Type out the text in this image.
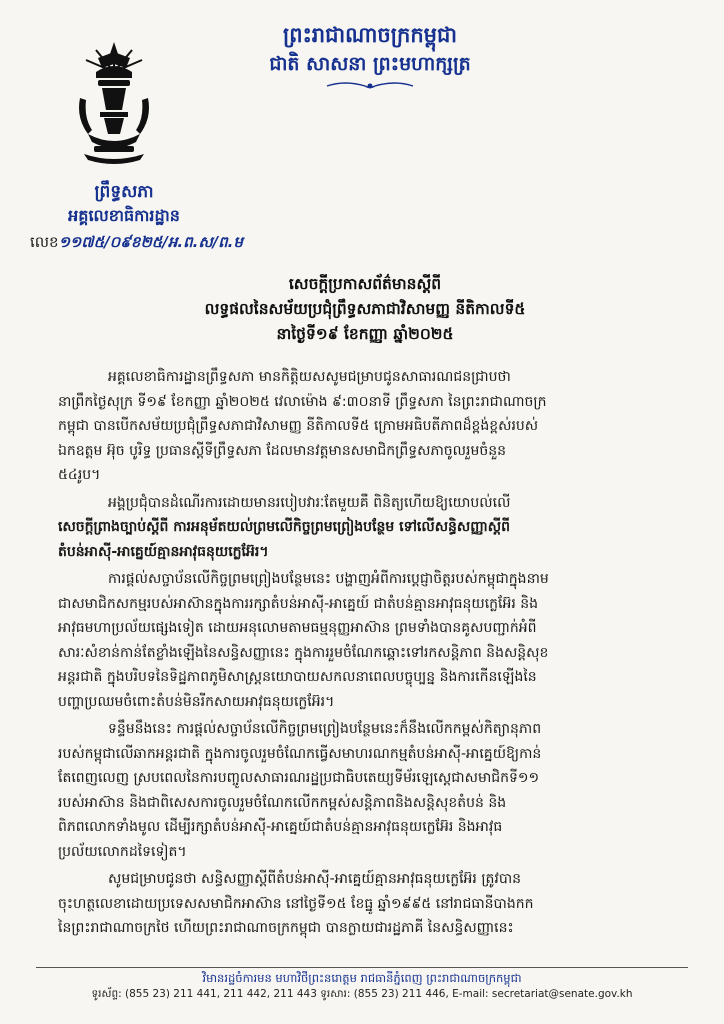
ព្រះរាជាណាចក្រកម្ពុជា
ជាតិ សាសនា ព្រះមហាក្សត្រ
ព្រឹទ្ធសភា
អគ្គលេខាធិការដ្ឋាន
លេខ១១៧៥/០៩ខ២៥/អ.ព.ស/ព.ម
សេចក្តីប្រកាសព័ត៌មានស្តីពី
លទ្ធផលនៃសម័យប្រជុំព្រឹទ្ធសភាជាវិសាមញ្ញ នីតិកាលទី៥
នាថ្ងៃទី១៩ ខែកញ្ញា ឆ្នាំ២០២៥

អគ្គលេខាធិការដ្ឋានព្រឹទ្ធសភា មានកិត្តិយសសូមជម្រាបជូនសាធារណជនជ្រាបថា
នាព្រឹកថ្ងៃសុក្រ ទី១៩ ខែកញ្ញា ឆ្នាំ២០២៥ វេលាម៉ោង ៩:៣០នាទី ព្រឹទ្ធសភា នៃព្រះរាជាណាចក្រ
កម្ពុជា បានបើកសម័យប្រជុំព្រឹទ្ធសភាជាវិសាមញ្ញ នីតិកាលទី៥ ក្រោមអធិបតីភាពដ៏ខ្ពង់ខ្ពស់របស់
ឯកឧត្តម អ៊ុច បូរិទ្ធ ប្រធានស្តីទីព្រឹទ្ធសភា ដែលមានវត្តមានសមាជិកព្រឹទ្ធសភាចូលរួមចំនួន
៥៤រូប។

អង្គប្រជុំបានដំណើរការដោយមានរបៀបវារៈតែមួយគឺ ពិនិត្យហើយឱ្យយោបល់លើ
សេចក្តីព្រាងច្បាប់ស្តីពី ការអនុម័តយល់ព្រមលើកិច្ចព្រមព្រៀងបន្ថែម ទៅលើសន្ធិសញ្ញាស្តីពី
តំបន់អាស៊ី-អាគ្នេយ៍គ្មានអាវុធនុយក្លេអ៊ែរ។

ការផ្តល់សច្ចាប័នលើកិច្ចព្រមព្រៀងបន្ថែមនេះ បង្ហាញអំពីការប្តេជ្ញាចិត្តរបស់កម្ពុជាក្នុងនាម
ជាសមាជិកសកម្មរបស់អាស៊ានក្នុងការរក្សាតំបន់អាស៊ី-អាគ្នេយ៍ ជាតំបន់គ្មានអាវុធនុយក្លេអ៊ែរ និង
អាវុធមហាប្រល័យផ្សេងទៀត ដោយអនុលោមតាមធម្មនុញ្ញអាស៊ាន ព្រមទាំងបានគូសបញ្ជាក់អំពី
សារៈសំខាន់កាន់តែខ្លាំងឡើងនៃសន្ធិសញ្ញានេះ ក្នុងការរួមចំណែកឆ្ពោះទៅរកសន្តិភាព និងសន្តិសុខ
អន្តរជាតិ ក្នុងបរិបទនៃទិដ្ឋភាពភូមិសាស្ត្រនយោបាយសកលនាពេលបច្ចុប្បន្ន និងការកើនឡើងនៃ
បញ្ហាប្រឈមចំពោះតំបន់មិនរីកសាយអាវុធនុយក្លេអ៊ែរ។

ទន្ទឹមនឹងនេះ ការផ្តល់សច្ចាប័នលើកិច្ចព្រមព្រៀងបន្ថែមនេះក៏នឹងលើកកម្ពស់កិត្យានុភាព
របស់កម្ពុជាលើឆាកអន្តរជាតិ ក្នុងការចូលរួមចំណែកធ្វើសមាហរណកម្មតំបន់អាស៊ី-អាគ្នេយ៍ឱ្យកាន់
តែពេញលេញ ស្របពេលនៃការបញ្ចូលសាធារណរដ្ឋប្រជាធិបតេយ្យទីម័រឡេស្តេជាសមាជិកទី១១
របស់អាស៊ាន និងជាពិសេសការចូលរួមចំណែកលើកកម្ពស់សន្តិភាពនិងសន្តិសុខតំបន់ និង
ពិភពលោកទាំងមូល ដើម្បីរក្សាតំបន់អាស៊ី-អាគ្នេយ៍ជាតំបន់គ្មានអាវុធនុយក្លេអ៊ែរ និងអាវុធ
ប្រល័យលោកដទៃទៀត។

សូមជម្រាបជូនថា សន្ធិសញ្ញាស្តីពីតំបន់អាស៊ី-អាគ្នេយ៍គ្មានអាវុធនុយក្លេអ៊ែរ ត្រូវបាន
ចុះហត្ថលេខាដោយប្រទេសសមាជិកអាស៊ាន នៅថ្ងៃទី១៥ ខែធ្នូ ឆ្នាំ១៩៩៥ នៅរាជធានីបាងកក
នៃព្រះរាជាណាចក្រថៃ ហើយព្រះរាជាណាចក្រកម្ពុជា បានក្លាយជារដ្ឋភាគី នៃសន្ធិសញ្ញានេះ

វិមានរដ្ឋចំការមន មហាវិថីព្រះនរោត្តម រាជធានីភ្នំពេញ ព្រះរាជាណាចក្រកម្ពុជា
ទូរស័ព្ទ: (855 23) 211 441, 211 442, 211 443 ទូរសារ: (855 23) 211 446, E-mail: secretariat@senate.gov.kh
